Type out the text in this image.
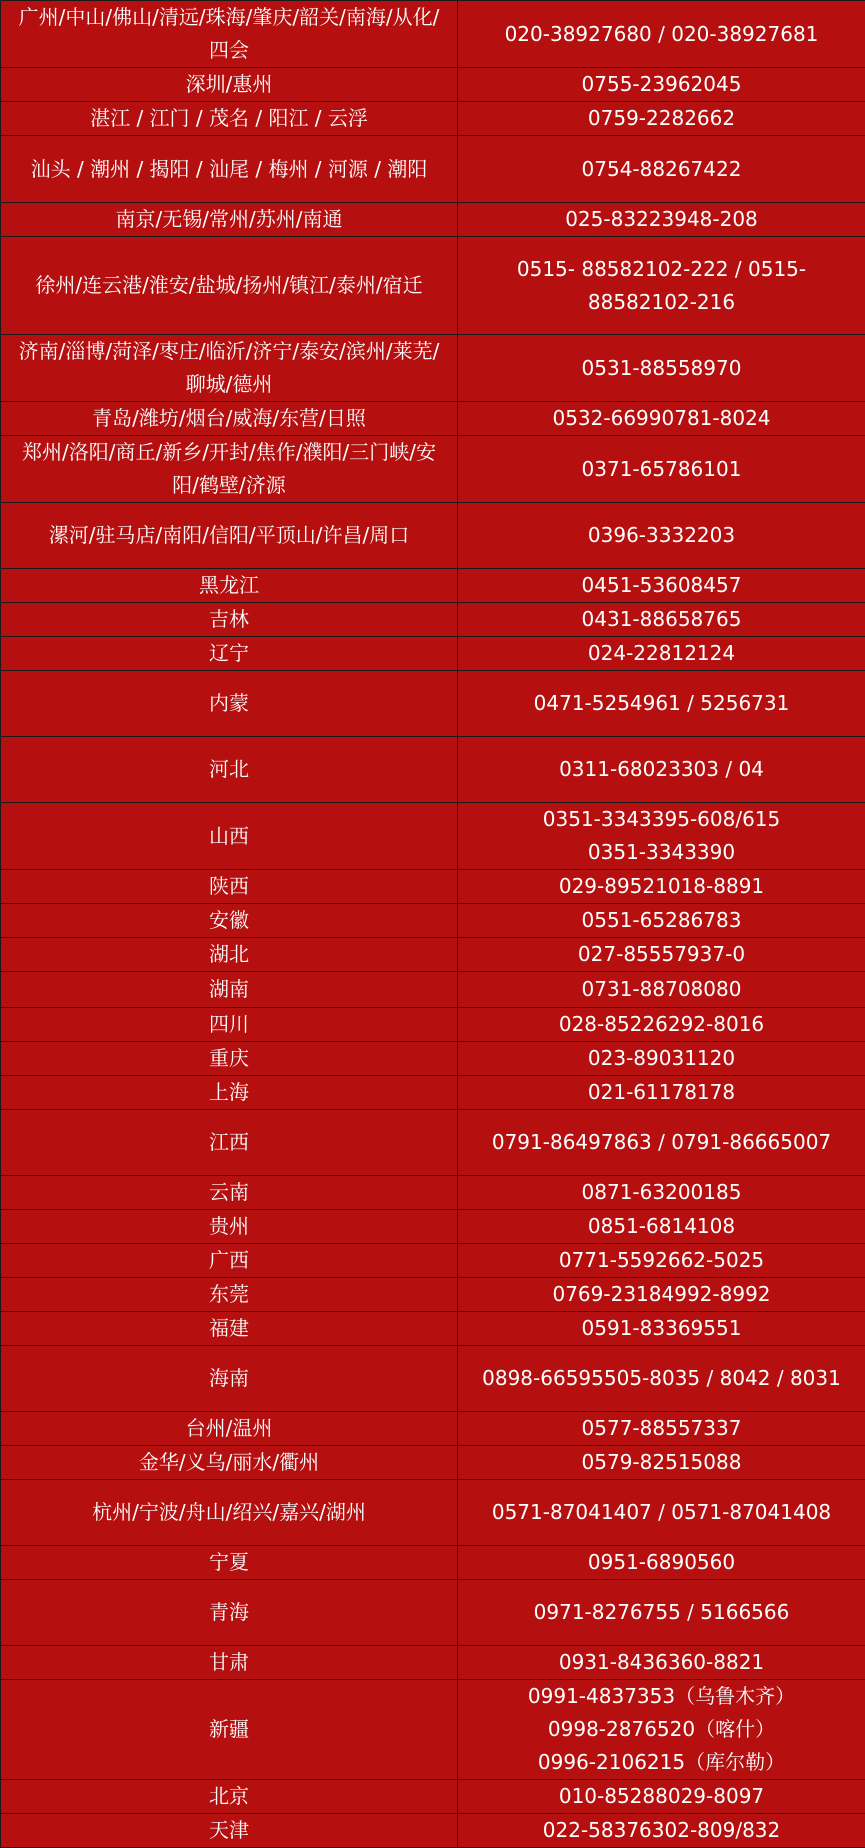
广州/中山/佛山/清远/珠海/肇庆/韶关/南海/从化/四会	020-38927680 / 020-38927681

深圳/惠州	0755-23962045

湛江 / 江门 / 茂名 / 阳江 / 云浮	0759-2282662

汕头 / 潮州 / 揭阳 / 汕尾 / 梅州 / 河源 / 潮阳	0754-88267422

南京/无锡/常州/苏州/南通	025-83223948-208

徐州/连云港/淮安/盐城/扬州/镇江/泰州/宿迁	0515- 88582102-222 / 0515-88582102-216

济南/淄博/菏泽/枣庄/临沂/济宁/泰安/滨州/莱芜/聊城/德州	0531-88558970

青岛/潍坊/烟台/威海/东营/日照	0532-66990781-8024

郑州/洛阳/商丘/新乡/开封/焦作/濮阳/三门峡/安阳/鹤壁/济源	0371-65786101

漯河/驻马店/南阳/信阳/平顶山/许昌/周口	0396-3332203

黑龙江	0451-53608457

吉林	0431-88658765

辽宁	024-22812124

内蒙	0471-5254961 / 5256731

河北	0311-68023303 / 04

山西	0351-3343395-608/615
0351-3343390

陕西	029-89521018-8891

安徽	0551-65286783

湖北	027-85557937-0

湖南	0731-88708080

四川	028-85226292-8016

重庆	023-89031120

上海	021-61178178

江西	0791-86497863 / 0791-86665007

云南	0871-63200185

贵州	0851-6814108

广西	0771-5592662-5025

东莞	0769-23184992-8992

福建	0591-83369551

海南	0898-66595505-8035 / 8042 / 8031

台州/温州	0577-88557337

金华/义乌/丽水/衢州	0579-82515088

杭州/宁波/舟山/绍兴/嘉兴/湖州	0571-87041407 / 0571-87041408

宁夏	0951-6890560

青海	0971-8276755 / 5166566

甘肃	0931-8436360-8821

新疆	0991-4837353（乌鲁木齐）
0998-2876520（喀什）
0996-2106215（库尔勒）

北京	010-85288029-8097

天津	022-58376302-809/832
